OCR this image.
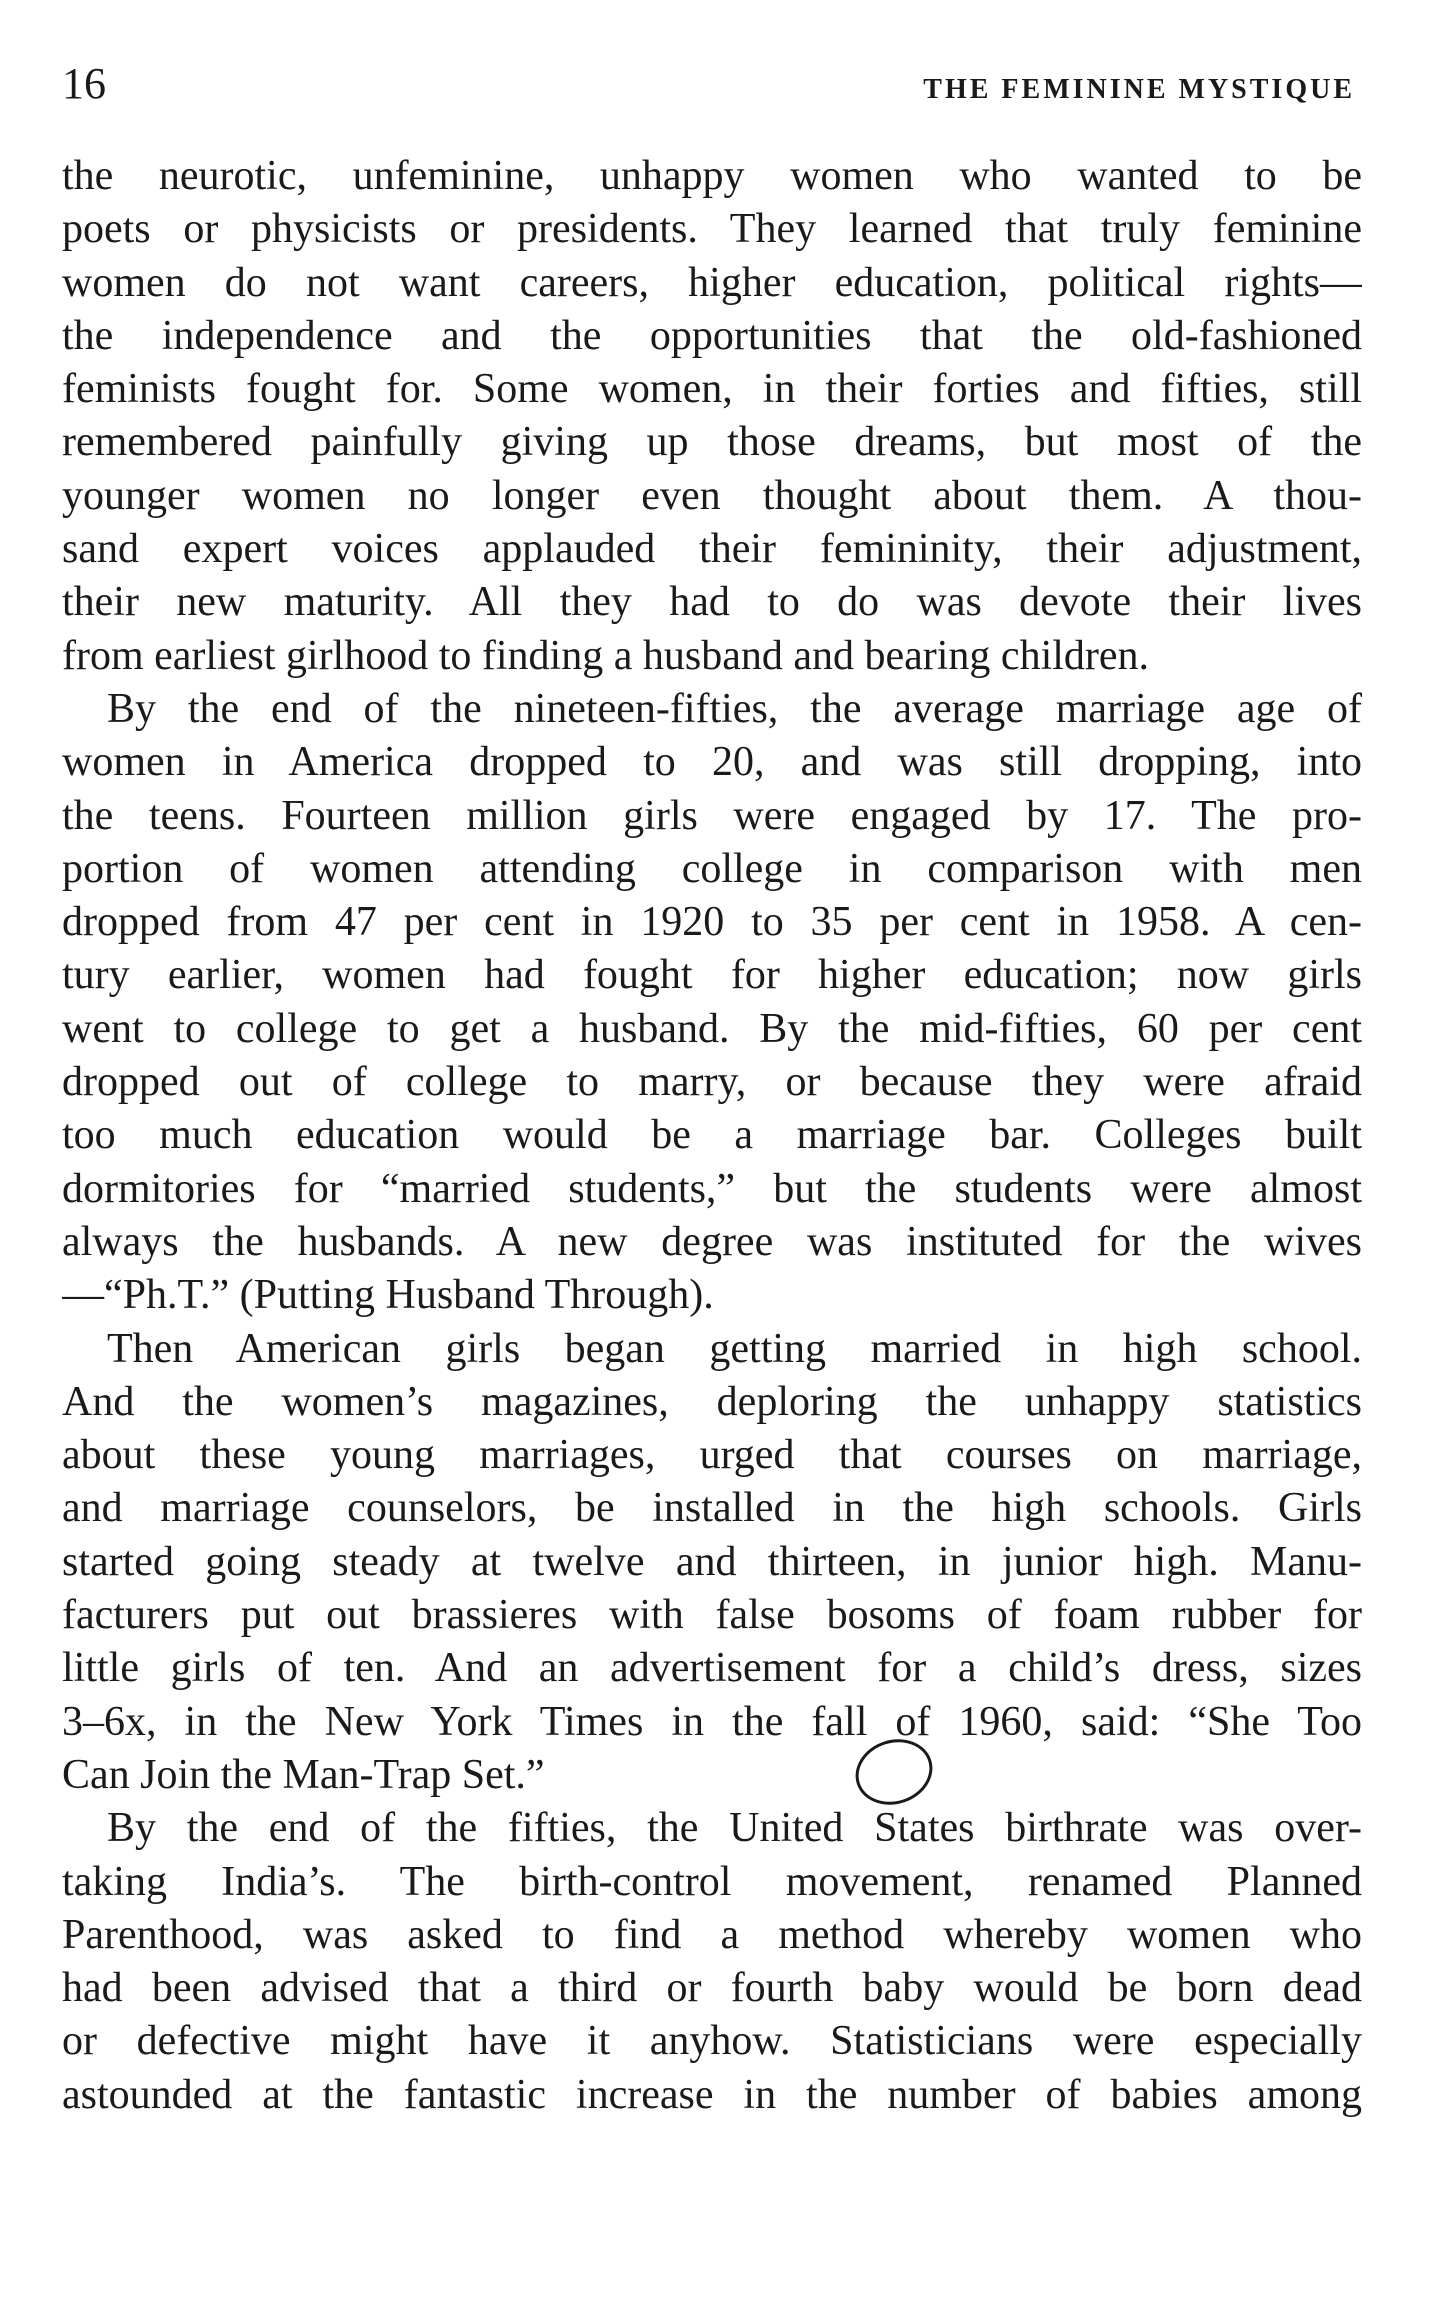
16	THE FEMININE MYSTIQUE
the neurotic, unfeminine, unhappy women who wanted to be
poets or physicists or presidents. They learned that truly feminine
women do not want careers, higher education, political rights—
the independence and the opportunities that the old-fashioned
feminists fought for. Some women, in their forties and fifties, still
remembered painfully giving up those dreams, but most of the
younger women no longer even thought about them. A thou-
sand expert voices applauded their femininity, their adjustment,
their new maturity. All they had to do was devote their lives
from earliest girlhood to finding a husband and bearing children.
By the end of the nineteen-fifties, the average marriage age of
women in America dropped to 20, and was still dropping, into
the teens. Fourteen million girls were engaged by 17. The pro-
portion of women attending college in comparison with men
dropped from 47 per cent in 1920 to 35 per cent in 1958. A cen-
tury earlier, women had fought for higher education; now girls
went to college to get a husband. By the mid-fifties, 60 per cent
dropped out of college to marry, or because they were afraid
too much education would be a marriage bar. Colleges built
dormitories for “married students,” but the students were almost
always the husbands. A new degree was instituted for the wives
—“Ph.T.” (Putting Husband Through).
Then American girls began getting married in high school.
And the women’s magazines, deploring the unhappy statistics
about these young marriages, urged that courses on marriage,
and marriage counselors, be installed in the high schools. Girls
started going steady at twelve and thirteen, in junior high. Manu-
facturers put out brassieres with false bosoms of foam rubber for
little girls of ten. And an advertisement for a child’s dress, sizes
3–6x, in the New York Times in the fall of 1960, said: “She Too
Can Join the Man-Trap Set.”
By the end of the fifties, the United States birthrate was over-
taking India’s. The birth-control movement, renamed Planned
Parenthood, was asked to find a method whereby women who
had been advised that a third or fourth baby would be born dead
or defective might have it anyhow. Statisticians were especially
astounded at the fantastic increase in the number of babies among
